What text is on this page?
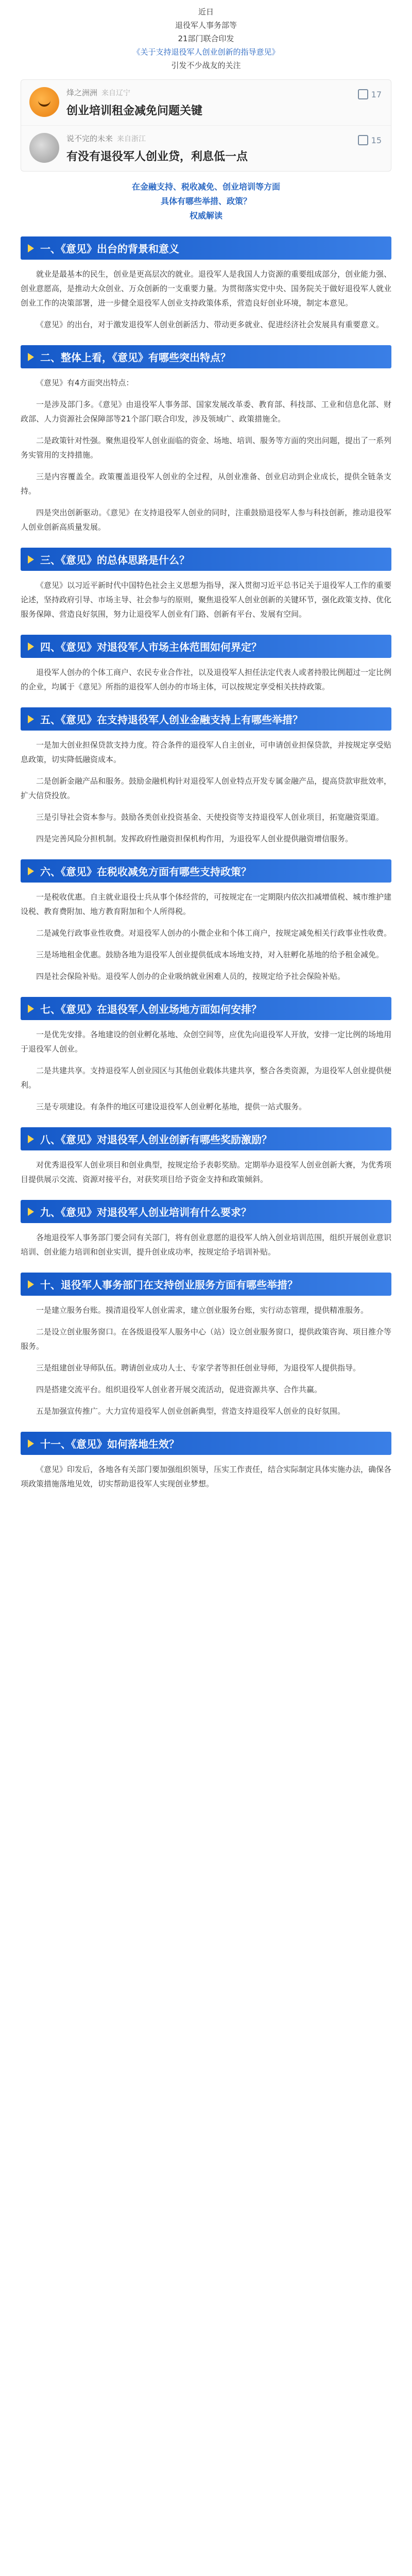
近日
退役军人事务部等
21部门联合印发
《关于支持退役军人创业创新的指导意见》
引发不少战友的关注
烽之洲洲 来自辽宁
创业培训租金减免问题关键
17
说不完的未来 来自浙江
有没有退役军人创业贷，利息低一点
15
在金融支持、税收减免、创业培训等方面
具体有哪些举措、政策？
权威解读
一、《意见》出台的背景和意义

就业是最基本的民生，创业是更高层次的就业。退役军人是我国人力资源的重要组成部分，创业能力强、创业意愿高，是推动大众创业、万众创新的一支重要力量。为贯彻落实党中央、国务院关于做好退役军人就业创业工作的决策部署，进一步健全退役军人创业支持政策体系，营造良好创业环境，制定本意见。

《意见》的出台，对于激发退役军人创业创新活力、带动更多就业、促进经济社会发展具有重要意义。

二、整体上看，《意见》有哪些突出特点？

《意见》有4方面突出特点：

一是涉及部门多。《意见》由退役军人事务部、国家发展改革委、教育部、科技部、工业和信息化部、财政部、人力资源社会保障部等21个部门联合印发，涉及领域广、政策措施全。

二是政策针对性强。聚焦退役军人创业面临的资金、场地、培训、服务等方面的突出问题，提出了一系列务实管用的支持措施。

三是内容覆盖全。政策覆盖退役军人创业的全过程，从创业准备、创业启动到企业成长，提供全链条支持。

四是突出创新驱动。《意见》在支持退役军人创业的同时，注重鼓励退役军人参与科技创新，推动退役军人创业创新高质量发展。

三、《意见》的总体思路是什么？

《意见》以习近平新时代中国特色社会主义思想为指导，深入贯彻习近平总书记关于退役军人工作的重要论述，坚持政府引导、市场主导、社会参与的原则，聚焦退役军人创业创新的关键环节，强化政策支持、优化服务保障、营造良好氛围，努力让退役军人创业有门路、创新有平台、发展有空间。

四、《意见》对退役军人市场主体范围如何界定？

退役军人创办的个体工商户、农民专业合作社，以及退役军人担任法定代表人或者持股比例超过一定比例的企业，均属于《意见》所指的退役军人创办的市场主体，可以按规定享受相关扶持政策。

五、《意见》在支持退役军人创业金融支持上有哪些举措？

一是加大创业担保贷款支持力度。符合条件的退役军人自主创业，可申请创业担保贷款，并按规定享受贴息政策，切实降低融资成本。

二是创新金融产品和服务。鼓励金融机构针对退役军人创业特点开发专属金融产品，提高贷款审批效率，扩大信贷投放。

三是引导社会资本参与。鼓励各类创业投资基金、天使投资等支持退役军人创业项目，拓宽融资渠道。

四是完善风险分担机制。发挥政府性融资担保机构作用，为退役军人创业提供融资增信服务。

六、《意见》在税收减免方面有哪些支持政策？

一是税收优惠。自主就业退役士兵从事个体经营的，可按规定在一定期限内依次扣减增值税、城市维护建设税、教育费附加、地方教育附加和个人所得税。

二是减免行政事业性收费。对退役军人创办的小微企业和个体工商户，按规定减免相关行政事业性收费。

三是场地租金优惠。鼓励各地为退役军人创业提供低成本场地支持，对入驻孵化基地的给予租金减免。

四是社会保险补贴。退役军人创办的企业吸纳就业困难人员的，按规定给予社会保险补贴。

七、《意见》在退役军人创业场地方面如何安排？

一是优先安排。各地建设的创业孵化基地、众创空间等，应优先向退役军人开放，安排一定比例的场地用于退役军人创业。

二是共建共享。支持退役军人创业园区与其他创业载体共建共享，整合各类资源，为退役军人创业提供便利。

三是专项建设。有条件的地区可建设退役军人创业孵化基地，提供一站式服务。

八、《意见》对退役军人创业创新有哪些奖励激励？

对优秀退役军人创业项目和创业典型，按规定给予表彰奖励。定期举办退役军人创业创新大赛，为优秀项目提供展示交流、资源对接平台，对获奖项目给予资金支持和政策倾斜。

九、《意见》对退役军人创业培训有什么要求？

各地退役军人事务部门要会同有关部门，将有创业意愿的退役军人纳入创业培训范围，组织开展创业意识培训、创业能力培训和创业实训，提升创业成功率，按规定给予培训补贴。

十、退役军人事务部门在支持创业服务方面有哪些举措？

一是建立服务台账。摸清退役军人创业需求，建立创业服务台账，实行动态管理，提供精准服务。

二是设立创业服务窗口。在各级退役军人服务中心（站）设立创业服务窗口，提供政策咨询、项目推介等服务。

三是组建创业导师队伍。聘请创业成功人士、专家学者等担任创业导师，为退役军人提供指导。

四是搭建交流平台。组织退役军人创业者开展交流活动，促进资源共享、合作共赢。

五是加强宣传推广。大力宣传退役军人创业创新典型，营造支持退役军人创业的良好氛围。

十一、《意见》如何落地生效？

《意见》印发后，各地各有关部门要加强组织领导，压实工作责任，结合实际制定具体实施办法，确保各项政策措施落地见效，切实帮助退役军人实现创业梦想。
